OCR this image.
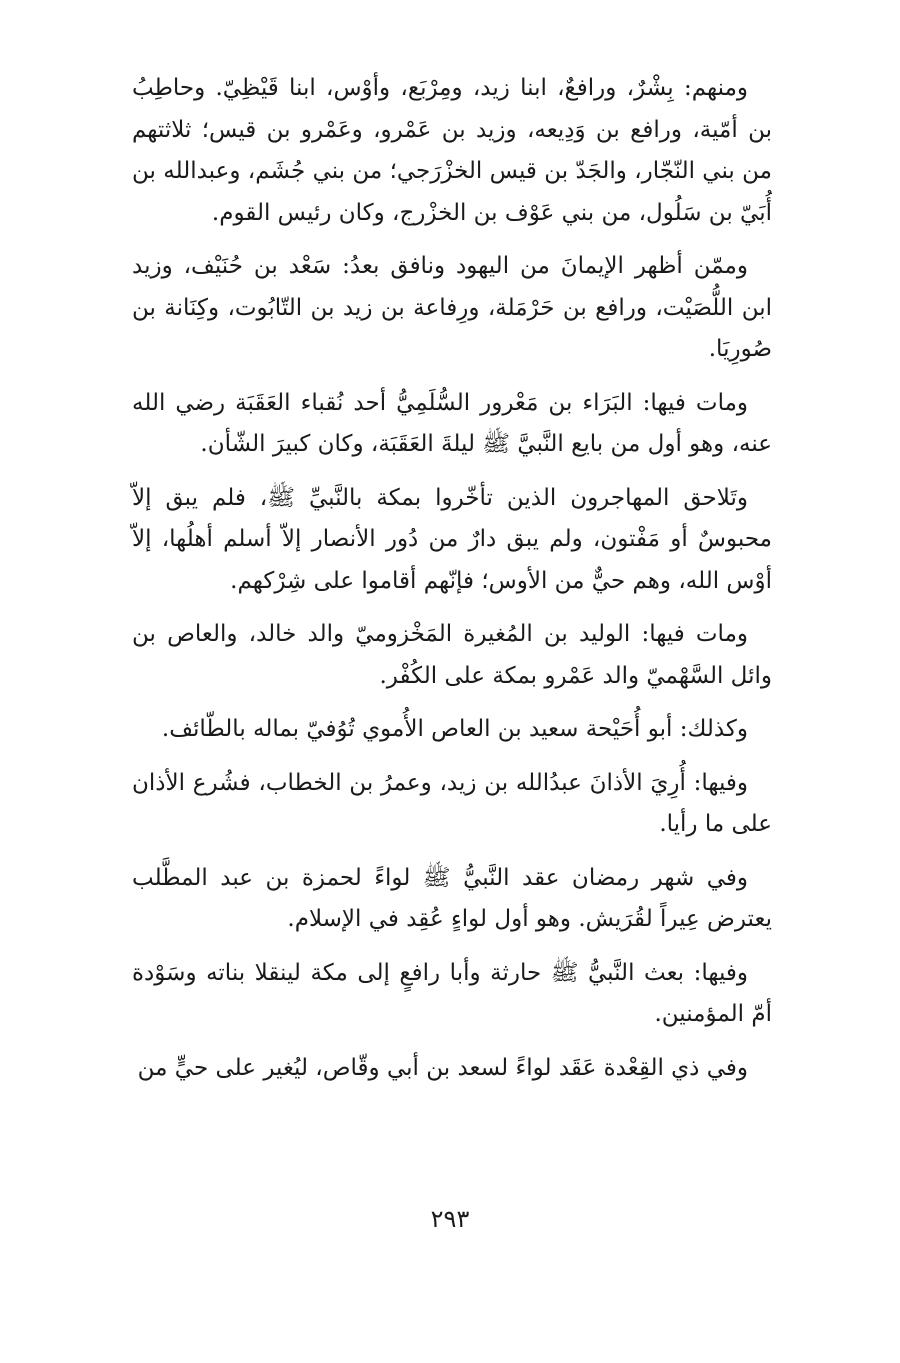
ومنهم: بِشْرٌ، ورافعٌ، ابنا زيد، ومِرْبَع، وأوْس، ابنا قَيْظِيّ. وحاطِبُ بن أمّية، ورافع بن وَدِيعه، وزيد بن عَمْرو، وعَمْرو بن قيس؛ ثلاثتهم من بني النّجّار، والجَدّ بن قيس الخزْرَجي؛ من بني جُشَم، وعبدالله بن أُبَيّ بن سَلُول، من بني عَوْف بن الخزْرج، وكان رئيس القوم.

وممّن أظهر الإيمانَ من اليهود ونافق بعدُ: سَعْد بن حُنَيْف، وزيد ابن اللُّصَيْت، ورافع بن حَرْمَلة، ورِفاعة بن زيد بن التّابُوت، وكِنَانة بن صُورِيَا.

ومات فيها: البَرَاء بن مَعْرور السُّلَمِيُّ أحد نُقباء العَقَبَة رضي الله عنه، وهو أول من بايع النَّبيَّ ﷺ ليلةَ العَقَبَة، وكان كبيرَ الشّأن.

وتَلاحق المهاجرون الذين تأخّروا بمكة بالنَّبيِّ ﷺ، فلم يبق إلاّ محبوسٌ أو مَفْتون، ولم يبق دارٌ من دُور الأنصار إلاّ أسلم أهلُها، إلاّ أوْس الله، وهم حيٌّ من الأوس؛ فإنّهم أقاموا على شِرْكهم.

ومات فيها: الوليد بن المُغيرة المَخْزوميّ والد خالد، والعاص بن وائل السَّهْميّ والد عَمْرو بمكة على الكُفْر.

وكذلك: أبو أُحَيْحة سعيد بن العاص الأُموي تُوُفيّ بماله بالطّائف.

وفيها: أُرِيَ الأذانَ عبدُالله بن زيد، وعمرُ بن الخطاب، فشُرع الأذان على ما رأيا.

وفي شهر رمضان عقد النَّبيُّ ﷺ لواءً لحمزة بن عبد المطَّلب يعترض عِيراً لقُرَيش. وهو أول لواءٍ عُقِد في الإسلام.

وفيها: بعث النَّبيُّ ﷺ حارثة وأبا رافعٍ إلى مكة لينقلا بناته وسَوْدة أمّ المؤمنين.

وفي ذي القِعْدة عَقَد لواءً لسعد بن أبي وقّاص، ليُغير على حيٍّ من

٢٩٣
